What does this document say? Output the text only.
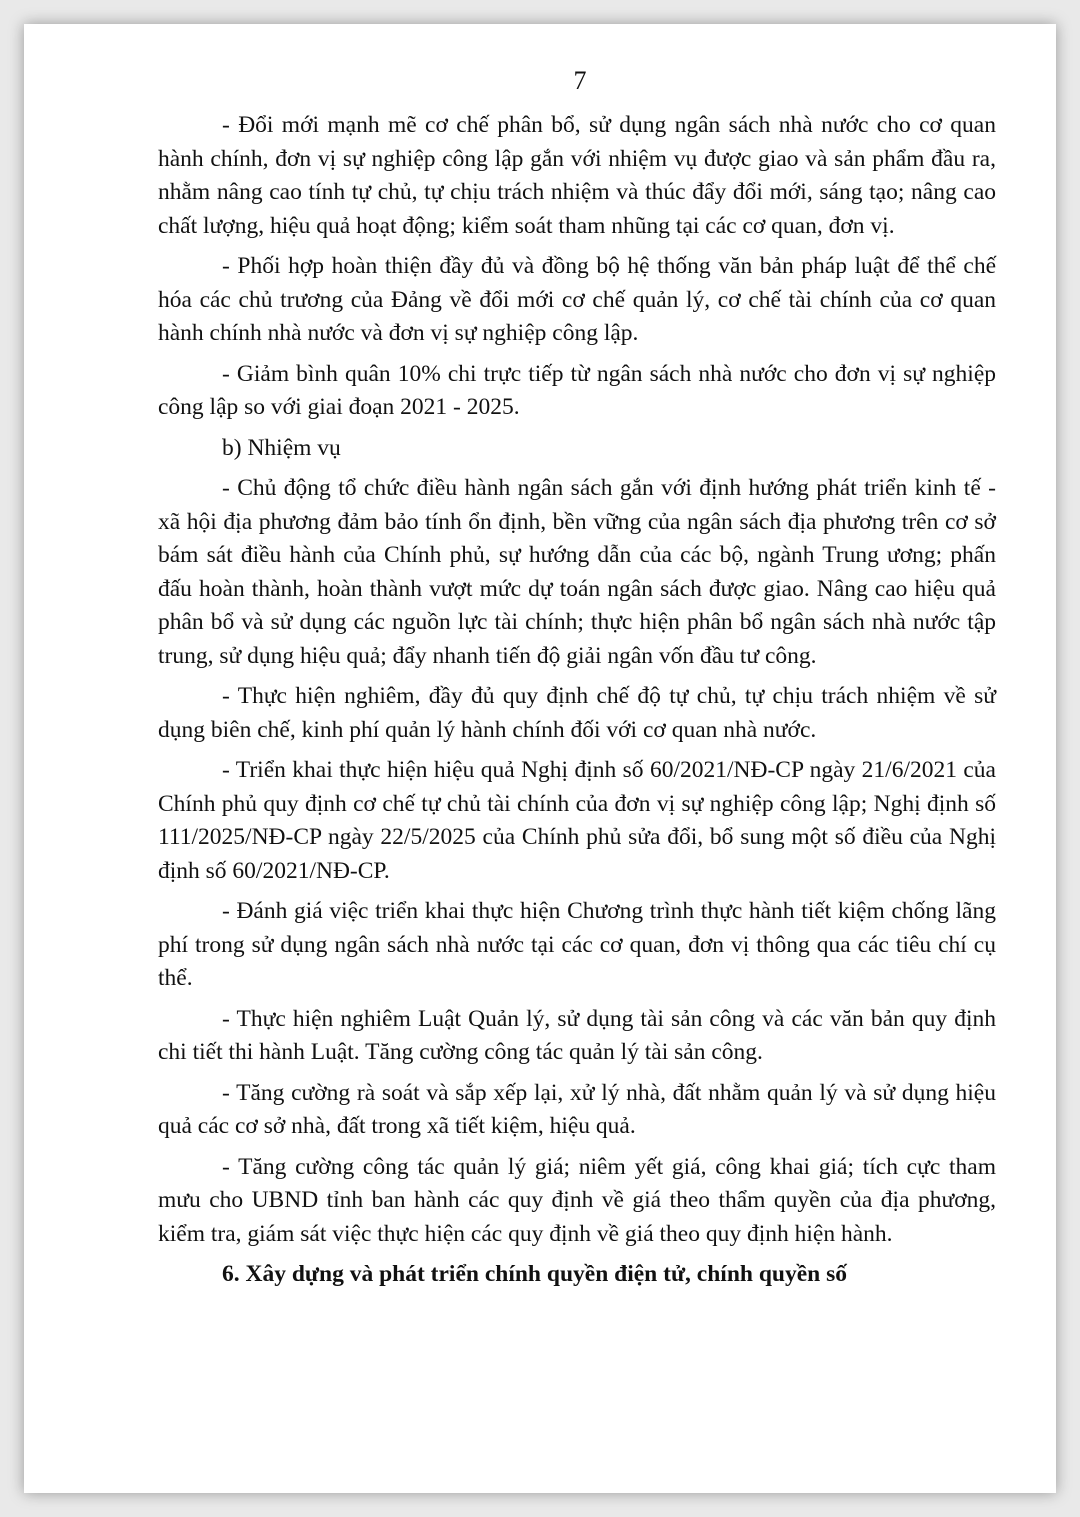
7

- Đổi mới mạnh mẽ cơ chế phân bổ, sử dụng ngân sách nhà nước cho cơ quan hành chính, đơn vị sự nghiệp công lập gắn với nhiệm vụ được giao và sản phẩm đầu ra, nhằm nâng cao tính tự chủ, tự chịu trách nhiệm và thúc đẩy đổi mới, sáng tạo; nâng cao chất lượng, hiệu quả hoạt động; kiểm soát tham nhũng tại các cơ quan, đơn vị.

- Phối hợp hoàn thiện đầy đủ và đồng bộ hệ thống văn bản pháp luật để thể chế hóa các chủ trương của Đảng về đổi mới cơ chế quản lý, cơ chế tài chính của cơ quan hành chính nhà nước và đơn vị sự nghiệp công lập.

- Giảm bình quân 10% chi trực tiếp từ ngân sách nhà nước cho đơn vị sự nghiệp công lập so với giai đoạn 2021 - 2025.

b) Nhiệm vụ

- Chủ động tổ chức điều hành ngân sách gắn với định hướng phát triển kinh tế - xã hội địa phương đảm bảo tính ổn định, bền vững của ngân sách địa phương trên cơ sở bám sát điều hành của Chính phủ, sự hướng dẫn của các bộ, ngành Trung ương; phấn đấu hoàn thành, hoàn thành vượt mức dự toán ngân sách được giao. Nâng cao hiệu quả phân bổ và sử dụng các nguồn lực tài chính; thực hiện phân bổ ngân sách nhà nước tập trung, sử dụng hiệu quả; đẩy nhanh tiến độ giải ngân vốn đầu tư công.

- Thực hiện nghiêm, đầy đủ quy định chế độ tự chủ, tự chịu trách nhiệm về sử dụng biên chế, kinh phí quản lý hành chính đối với cơ quan nhà nước.

- Triển khai thực hiện hiệu quả Nghị định số 60/2021/NĐ-CP ngày 21/6/2021 của Chính phủ quy định cơ chế tự chủ tài chính của đơn vị sự nghiệp công lập; Nghị định số 111/2025/NĐ-CP ngày 22/5/2025 của Chính phủ sửa đổi, bổ sung một số điều của Nghị định số 60/2021/NĐ-CP.

- Đánh giá việc triển khai thực hiện Chương trình thực hành tiết kiệm chống lãng phí trong sử dụng ngân sách nhà nước tại các cơ quan, đơn vị thông qua các tiêu chí cụ thể.

- Thực hiện nghiêm Luật Quản lý, sử dụng tài sản công và các văn bản quy định chi tiết thi hành Luật. Tăng cường công tác quản lý tài sản công.

- Tăng cường rà soát và sắp xếp lại, xử lý nhà, đất nhằm quản lý và sử dụng hiệu quả các cơ sở nhà, đất trong xã tiết kiệm, hiệu quả.

- Tăng cường công tác quản lý giá; niêm yết giá, công khai giá; tích cực tham mưu cho UBND tỉnh ban hành các quy định về giá theo thẩm quyền của địa phương, kiểm tra, giám sát việc thực hiện các quy định về giá theo quy định hiện hành.

6. Xây dựng và phát triển chính quyền điện tử, chính quyền số
